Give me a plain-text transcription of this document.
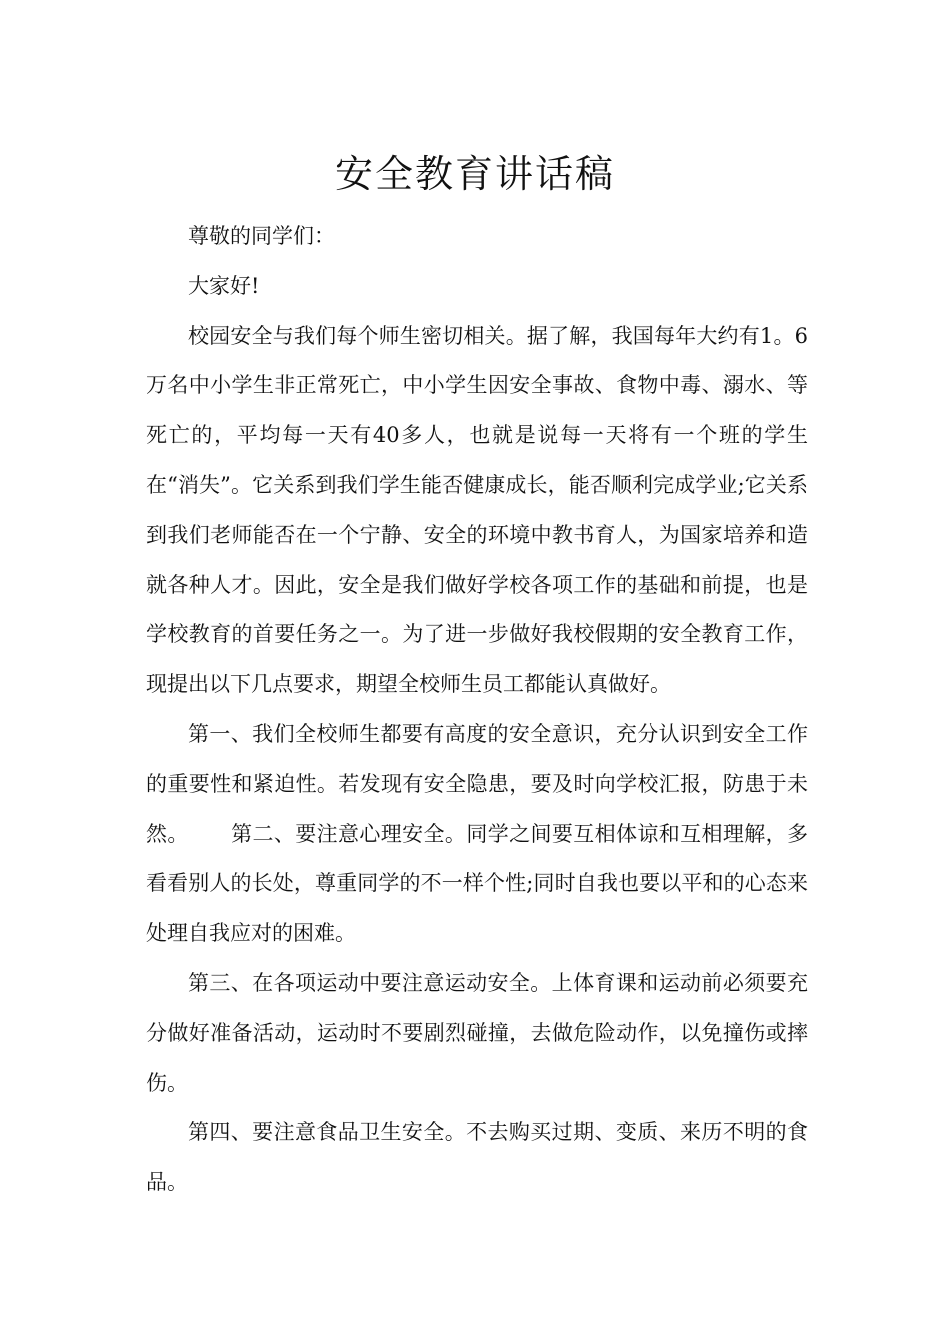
安全教育讲话稿

尊敬的同学们：

大家好!

校园安全与我们每个师生密切相关。据了解，我国每年大约有1。6万名中小学生非正常死亡，中小学生因安全事故、食物中毒、溺水、等死亡的，平均每一天有40多人，也就是说每一天将有一个班的学生在“消失”。它关系到我们学生能否健康成长，能否顺利完成学业;它关系到我们老师能否在一个宁静、安全的环境中教书育人，为国家培养和造就各种人才。因此，安全是我们做好学校各项工作的基础和前提，也是学校教育的首要任务之一。为了进一步做好我校假期的安全教育工作，现提出以下几点要求，期望全校师生员工都能认真做好。

第一、我们全校师生都要有高度的安全意识，充分认识到安全工作的重要性和紧迫性。若发现有安全隐患，要及时向学校汇报，防患于未然。 第二、要注意心理安全。同学之间要互相体谅和互相理解，多看看别人的长处，尊重同学的不一样个性;同时自我也要以平和的心态来处理自我应对的困难。

第三、在各项运动中要注意运动安全。上体育课和运动前必须要充分做好准备活动，运动时不要剧烈碰撞，去做危险动作，以免撞伤或摔伤。

第四、要注意食品卫生安全。不去购买过期、变质、来历不明的食品。
